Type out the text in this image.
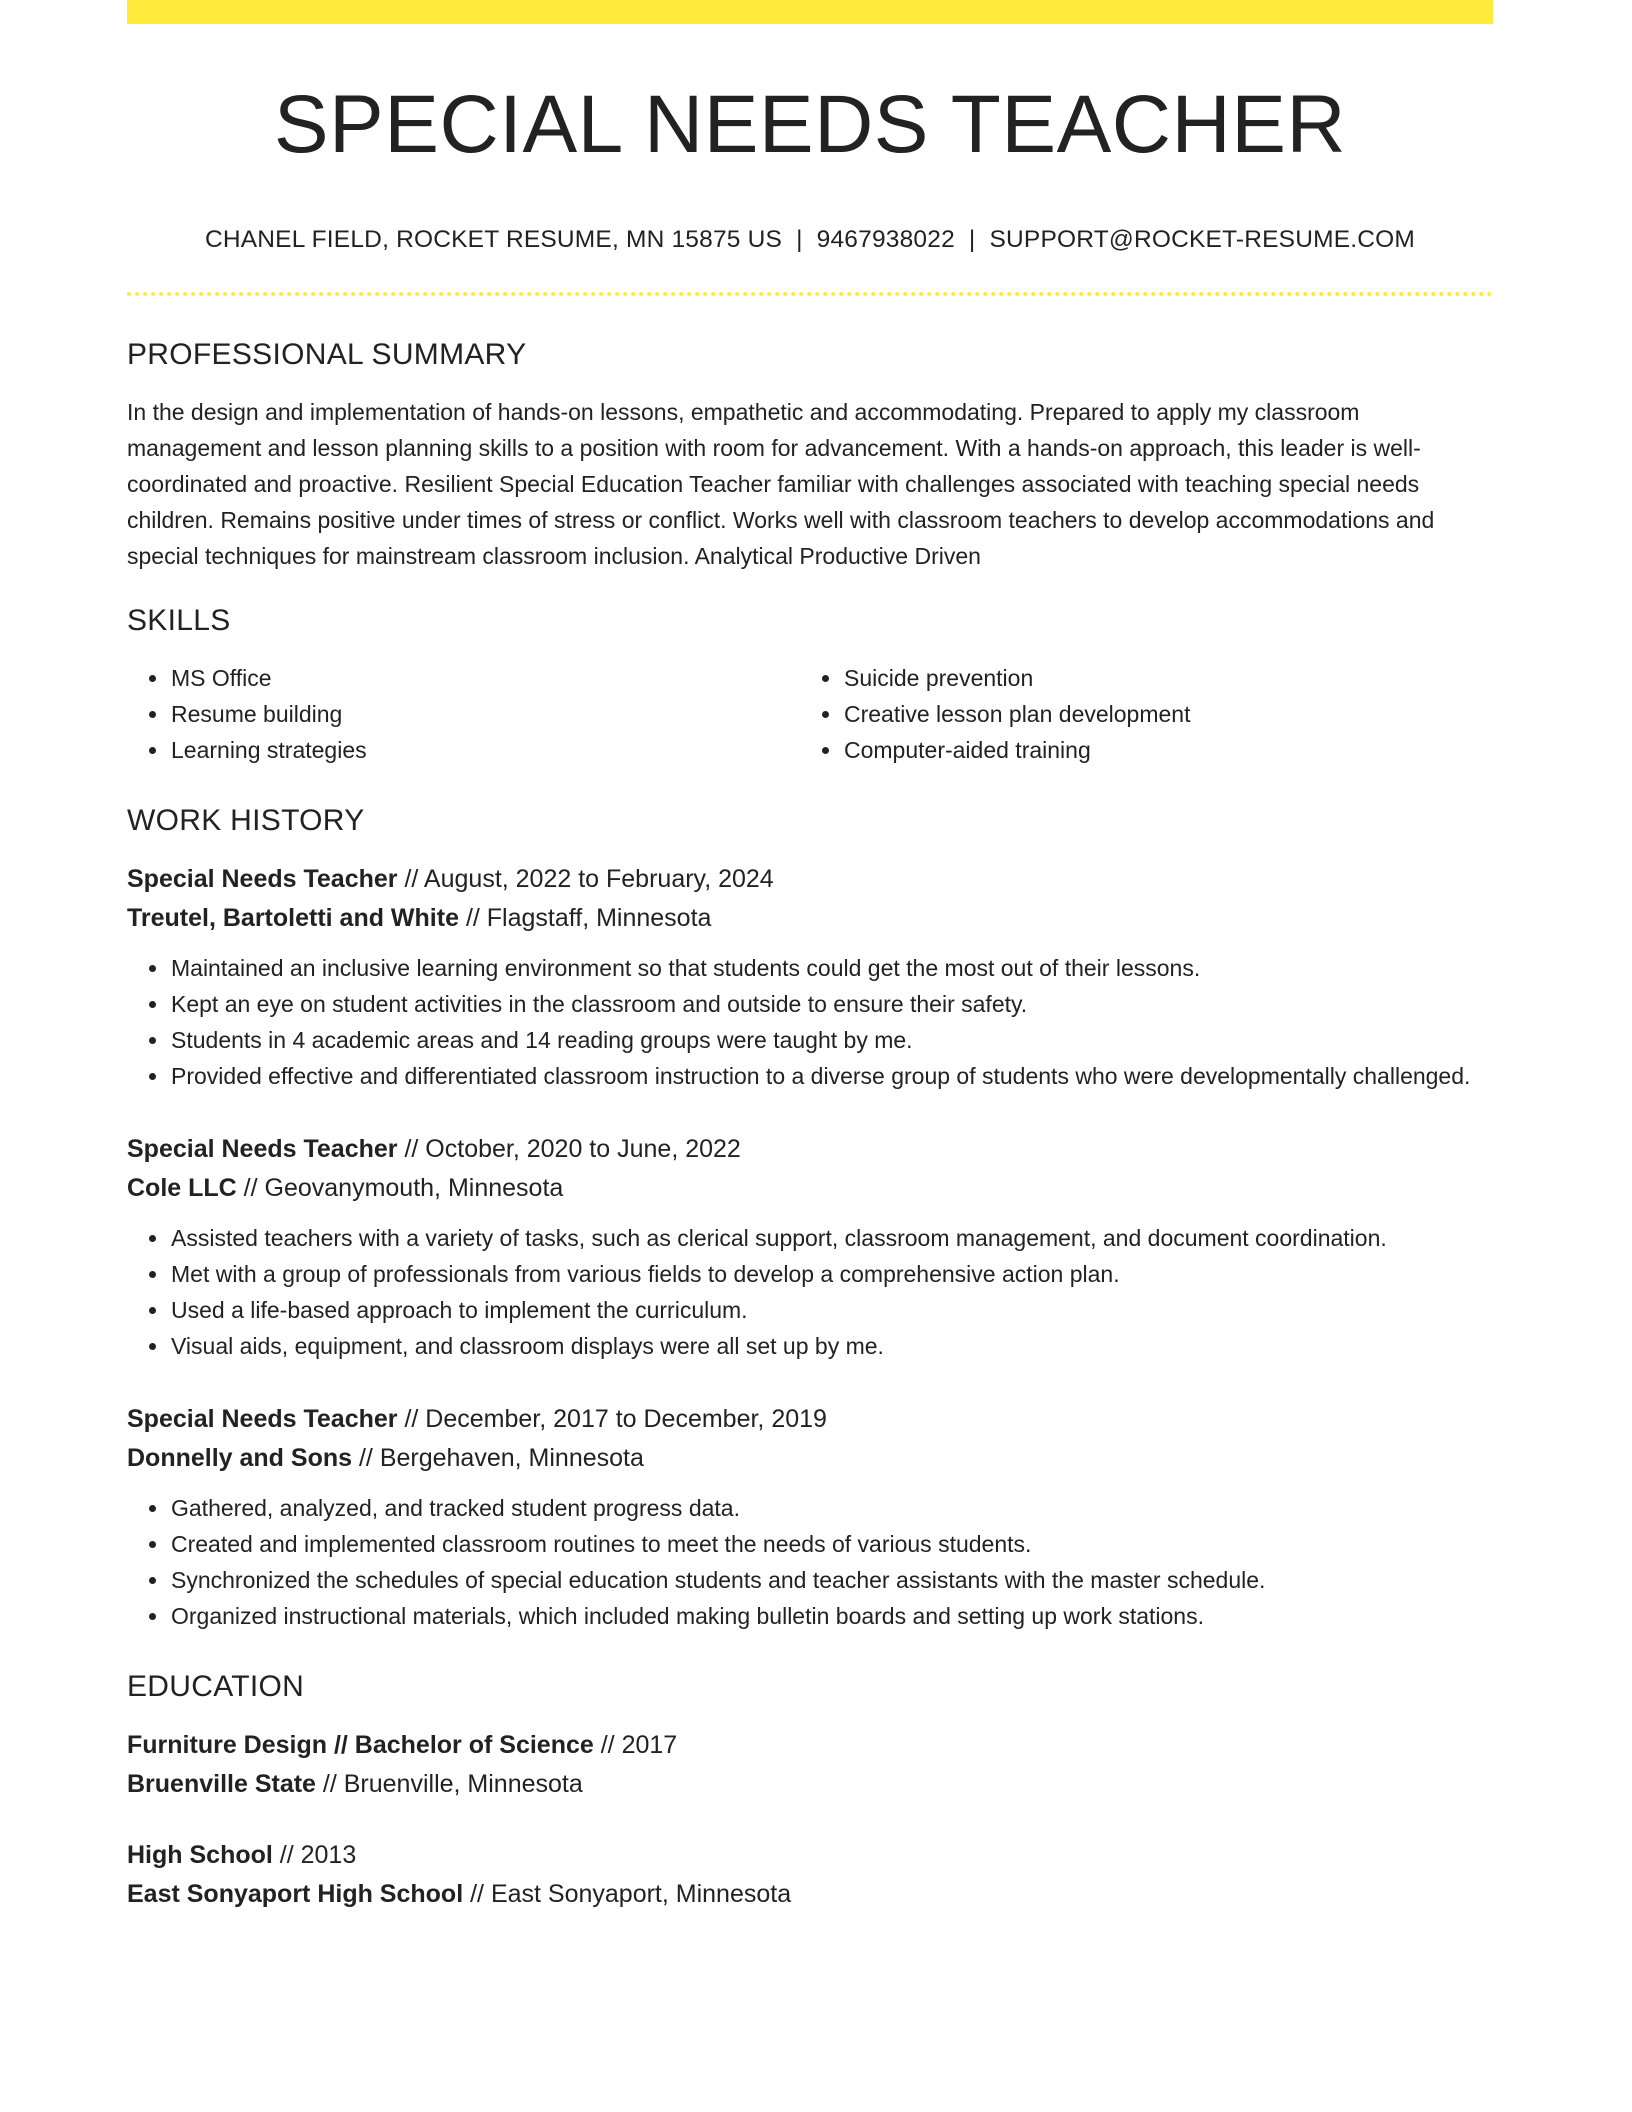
SPECIAL NEEDS TEACHER
CHANEL FIELD, ROCKET RESUME, MN 15875 US | 9467938022 | SUPPORT@ROCKET-RESUME.COM
PROFESSIONAL SUMMARY
In the design and implementation of hands-on lessons, empathetic and accommodating. Prepared to apply my classroom management and lesson planning skills to a position with room for advancement. With a hands-on approach, this leader is well-coordinated and proactive. Resilient Special Education Teacher familiar with challenges associated with teaching special needs children. Remains positive under times of stress or conflict. Works well with classroom teachers to develop accommodations and special techniques for mainstream classroom inclusion. Analytical Productive Driven
SKILLS
• MS Office
• Resume building
• Learning strategies
• Suicide prevention
• Creative lesson plan development
• Computer-aided training
WORK HISTORY
Special Needs Teacher // August, 2022 to February, 2024
Treutel, Bartoletti and White // Flagstaff, Minnesota
• Maintained an inclusive learning environment so that students could get the most out of their lessons.
• Kept an eye on student activities in the classroom and outside to ensure their safety.
• Students in 4 academic areas and 14 reading groups were taught by me.
• Provided effective and differentiated classroom instruction to a diverse group of students who were developmentally challenged.
Special Needs Teacher // October, 2020 to June, 2022
Cole LLC // Geovanymouth, Minnesota
• Assisted teachers with a variety of tasks, such as clerical support, classroom management, and document coordination.
• Met with a group of professionals from various fields to develop a comprehensive action plan.
• Used a life-based approach to implement the curriculum.
• Visual aids, equipment, and classroom displays were all set up by me.
Special Needs Teacher // December, 2017 to December, 2019
Donnelly and Sons // Bergehaven, Minnesota
• Gathered, analyzed, and tracked student progress data.
• Created and implemented classroom routines to meet the needs of various students.
• Synchronized the schedules of special education students and teacher assistants with the master schedule.
• Organized instructional materials, which included making bulletin boards and setting up work stations.
EDUCATION
Furniture Design // Bachelor of Science // 2017
Bruenville State // Bruenville, Minnesota
High School // 2013
East Sonyaport High School // East Sonyaport, Minnesota
